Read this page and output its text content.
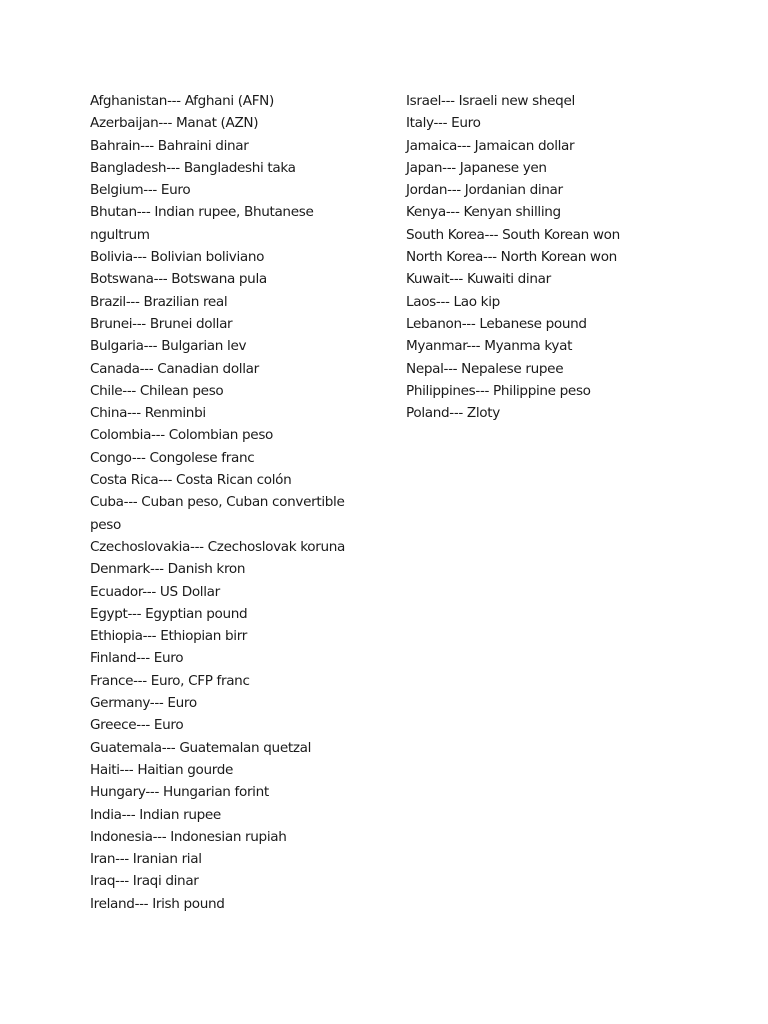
Afghanistan--- Afghani (AFN)
Azerbaijan--- Manat (AZN)
Bahrain--- Bahraini dinar
Bangladesh--- Bangladeshi taka
Belgium--- Euro
Bhutan--- Indian rupee, Bhutanese ngultrum
Bolivia--- Bolivian boliviano
Botswana--- Botswana pula
Brazil--- Brazilian real
Brunei--- Brunei dollar
Bulgaria--- Bulgarian lev
Canada--- Canadian dollar
Chile--- Chilean peso
China--- Renminbi
Colombia--- Colombian peso
Congo--- Congolese franc
Costa Rica--- Costa Rican colón
Cuba--- Cuban peso, Cuban convertible peso
Czechoslovakia--- Czechoslovak koruna
Denmark--- Danish kron
Ecuador--- US Dollar
Egypt--- Egyptian pound
Ethiopia--- Ethiopian birr
Finland--- Euro
France--- Euro, CFP franc
Germany--- Euro
Greece--- Euro
Guatemala--- Guatemalan quetzal
Haiti--- Haitian gourde
Hungary--- Hungarian forint
India--- Indian rupee
Indonesia--- Indonesian rupiah
Iran--- Iranian rial
Iraq--- Iraqi dinar
Ireland--- Irish pound
Israel--- Israeli new sheqel
Italy--- Euro
Jamaica--- Jamaican dollar
Japan--- Japanese yen
Jordan--- Jordanian dinar
Kenya--- Kenyan shilling
South Korea--- South Korean won
North Korea--- North Korean won
Kuwait--- Kuwaiti dinar
Laos--- Lao kip
Lebanon--- Lebanese pound
Myanmar--- Myanma kyat
Nepal--- Nepalese rupee
Philippines--- Philippine peso
Poland--- Zloty
